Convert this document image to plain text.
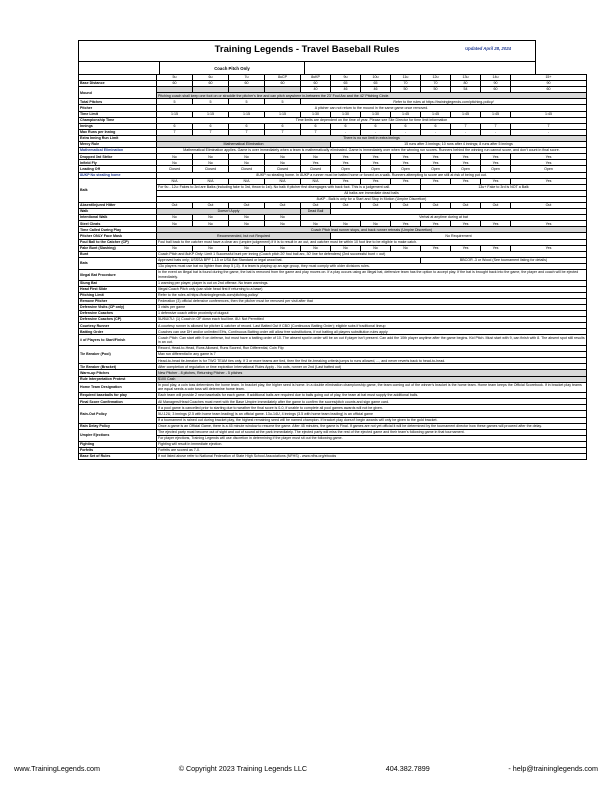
Training Legends - Travel Baseball Rules	Updated April 28, 2024
Coach Pitch Only
	5u	6u	7u	8uCP	8uKP	9u	10u	11u	12u	13u	14u	15+
Base Distance	60	60	60	60	60	65	65	70	70	80	90	90
Mound					40	46	46	50	50	54	60	60
	Pitching coach shall keep one foot on or straddle the pitcher's line and can pitch anywhere in-between the 23' Foul Arc and the 42' Pitching Circle.											
Total Pitches	5	5	5	5	Refer to the rules at https://traininglegends.com/pitching-policy/							
Pitcher	A pitcher can not return to the mound in the same game once removed.											
Time Limit	1:15	1:15	1:15	1:15	1:30	1:30	1:30	1:45	1:45	1:45	1:45	1:45
Championship Time	Time limits are dependent on the time of year. Please see Site Director for time limit information											
Innings	6	6	6	6	6	6	6	6	6	7	7	7
Max Runs per Inning	7	7	7	7	7	-	-	-	-	-	-	-
Extra Inning Run Limit	There is no run limit in extra innings											
Mercy Rule	Mathematical Elimination					15 runs after 3 innings; 10 runs after 4 innings; 8 runs after 5 innings						
Mathematical Elimination	Mathematical Elimination applies. Game is over immediately when a team is mathematically eliminated. Game is immediately over when the winning run scores. Runners behind the winning run cannot score, and don't count in final score.											
Dropped 3rd Strike	No	No	No	No	No	Yes	Yes	Yes	Yes	Yes	Yes	Yes
Infield Fly	No	No	No	No	Yes	Yes	Yes	Yes	Yes	Yes	Yes	Yes
Leading Off	Closed	Closed	Closed	Closed	Closed	Open	Open	Open	Open	Open	Open	Open
8UKP No stealing home	8UKP no stealing home. In 8UKP a runner must be batted home or forced on a walk. Runners attempting to score are still at risk of being put out.											
Balk	N/A	N/A	N/A	N/A	N/A	Yes	Yes	Yes	Yes	Yes	Yes	Yes
	For 9u - 12u: Fakes to 3rd are Balks (including fake to 3rd, throw to 1st). No balk if pitcher first disengages with back foot. This is a judgement call.								13u+ Fake to 3rd is NOT a Balk			
	All balks are immediate dead balls											
	8uKP - Balk is only for a Start and Stop in Motion (Umpire Discretion)											
Absent/Injured Hitter	Out	Out	Out	Out	Out	Out	Out	Out	Out	Out	Out	Out
Walk	Doesn't Apply				Dead Ball							
Intentional Walk	No	No	No	No	Verbal at anytime during at bat							
Steel Cleats	No	No	No	No	No	No	No	Yes	Yes	Yes	Yes	Yes
Time Called During Play	Coach Pitch lead runner stops, and back runner retreats (Umpire Discretion)											
Pitcher ONLY Face Mask	Recommended, but not Required					No Requirement						
Foul Ball to the Catcher (CP)	Foul ball back to the catcher must have a clear arc (umpire judgement) if it is to result in an out, and catcher must be within 10 foot line to be eligible to make catch.											
Fake Bunt (Slashing)	No	No	No	No	No	No	No	No	Yes	Yes	Yes	Yes
Bunt	Coach Pitch and 8uKP Only: Limit 1 Successful bunt per inning (Coach pitch 20' foul ball arc, 30' line for defenders) (2nd successful bunt = out)											
Bats	Approved bats only; USSSA BPF 1.15 or USA Bat Standard or legal wood bat.								BBCOR -3 or Wood (See tournament listing for details)			
	13u players must use bat no lighter than drop 5 (-5). If a team is playing up an age group, they must comply with older divisions rules.											
Illegal Bat Procedure	In the event an illegal bat is found during the game, the bat is removed from the game and play moves on. If a play occurs using an illegal bat, defensive team has the option to accept play. If the bat is brought back into the game, the player and coach will be ejected immediately.											
Slung Bat	1 warning per player, player is out on 2nd offense. No team warnings.											
Head First Slide	Illegal Coach Pitch only (can slide head first if returning to a base)											
Pitching Limit	Refer to the rules at https://traininglegends.com/pitching-policy/											
Remove Pitcher	Federation (3) official defensive conferences, then the pitcher must be removed per visit after that											
Defensive Visits (CP only)	3 visits per game											
Defensive Coaches	1 defensive coach within proximity of dugout											
Defensive Coaches (CP)	5U/6U/7U: (1) Coach in OF down each foul line. 8U: Not Permitted											
Courtesy Runner	A courtesy runner is allowed for pitcher & catcher of record. Last Batted Out if CBO (Continuous Batting Order); eligible subs if traditional lineup											
Batting Order	Coaches can use DH and/or unlimited EHs, Continuous Batting order will allow free substitutions, if not batting all players substitution rules apply											
# of Players to Start/Finish	Coach Pitch: Can start with 9 on defense, but must have a batting order of 10. The absent spot in order will be an out if player isn't present. Can add the 10th player anytime after the game begins. Kid Pitch. Must start with 9, can finish with 8. The absent spot still results in an out.											
Tie Breaker (Pool)	Record, Head-to-Head, Runs Allowed, Runs Scored, Run Differential, Coin Flip											
	Max run differential in any game is 7											
	Head-to-head tie-breaker is for TWO TEAM ties only. If 3 or more teams are tied, then the first tie-breaking criteria jumps to runs allowed, ..., and never reverts back to head-to-head.											
Tie Breaker (Bracket)	After completion of regulation or time expiration International Rules Apply - No outs, runner on 2nd (Last batted out)											
Warm-up Pitches	New Pitcher - 8 pitches, Returning Pitcher - 5 pitches											
Rule Interpretation Protest	$100 Cash											
Home Team Designation	In pool play, a coin toss determines the home team. In bracket play, the higher seed is home. In a double elimination championship game, the team coming out of the winner's bracket is the home team. Home team keeps the Official Scorebook. If in bracket play teams are equal seeds a coin toss will determine home team.											
Required baseballs for play	Each team will provide 2 new baseballs for each game. If additional balls are required due to balls going out of play, the team at bat must supply the additional balls.											
Final Score Confirmation	All Managers/Head Coaches must meet with the Base Umpire immediately after the game to confirm the scores/pitch counts and sign game card.											
Rain-Out Policy	If a pool game is cancelled prior to starting due to weather the final score is 0-0, if unable to complete all pool games awards will not be given.											
	5U-12U, 3 innings (2.5 with home team leading) is an official game. 13u-14U, 4 innings (3.5 with home team leading) is an official game											
	If a tournament is rained out during bracket play, the highest remaining seed will be named champion. If bracket play doesn't begin awards will only be given to the gold bracket.											
Rain Delay Policy	Once a game is an Official Game, there is a 45 minute window to resume the game. After 45 minutes, the game is Final. If games are not yet official it will be determined by the tournament director how these games will proceed after the delay.											
Umpire Ejections	The ejected party must become out of sight and out of sound at the park immediately. The ejected party will miss the rest of the ejected game and their team's following game in that tournament.											
	For player ejections, Training Legends will use discretion in determining if the player must sit out the following game.											
Fighting	Fighting will result in immediate ejection.											
Forfeits	Forfeits are scored as 7-0.											
Base Set of Rules	If not listed above refer to National Federation of State High School Associations (NFHS) - www.nfhs.org/ebooks											
www.TrainingLegends.com	© Copyright 2023 Training Legends LLC	404.382.7899	- help@traininglegends.com
